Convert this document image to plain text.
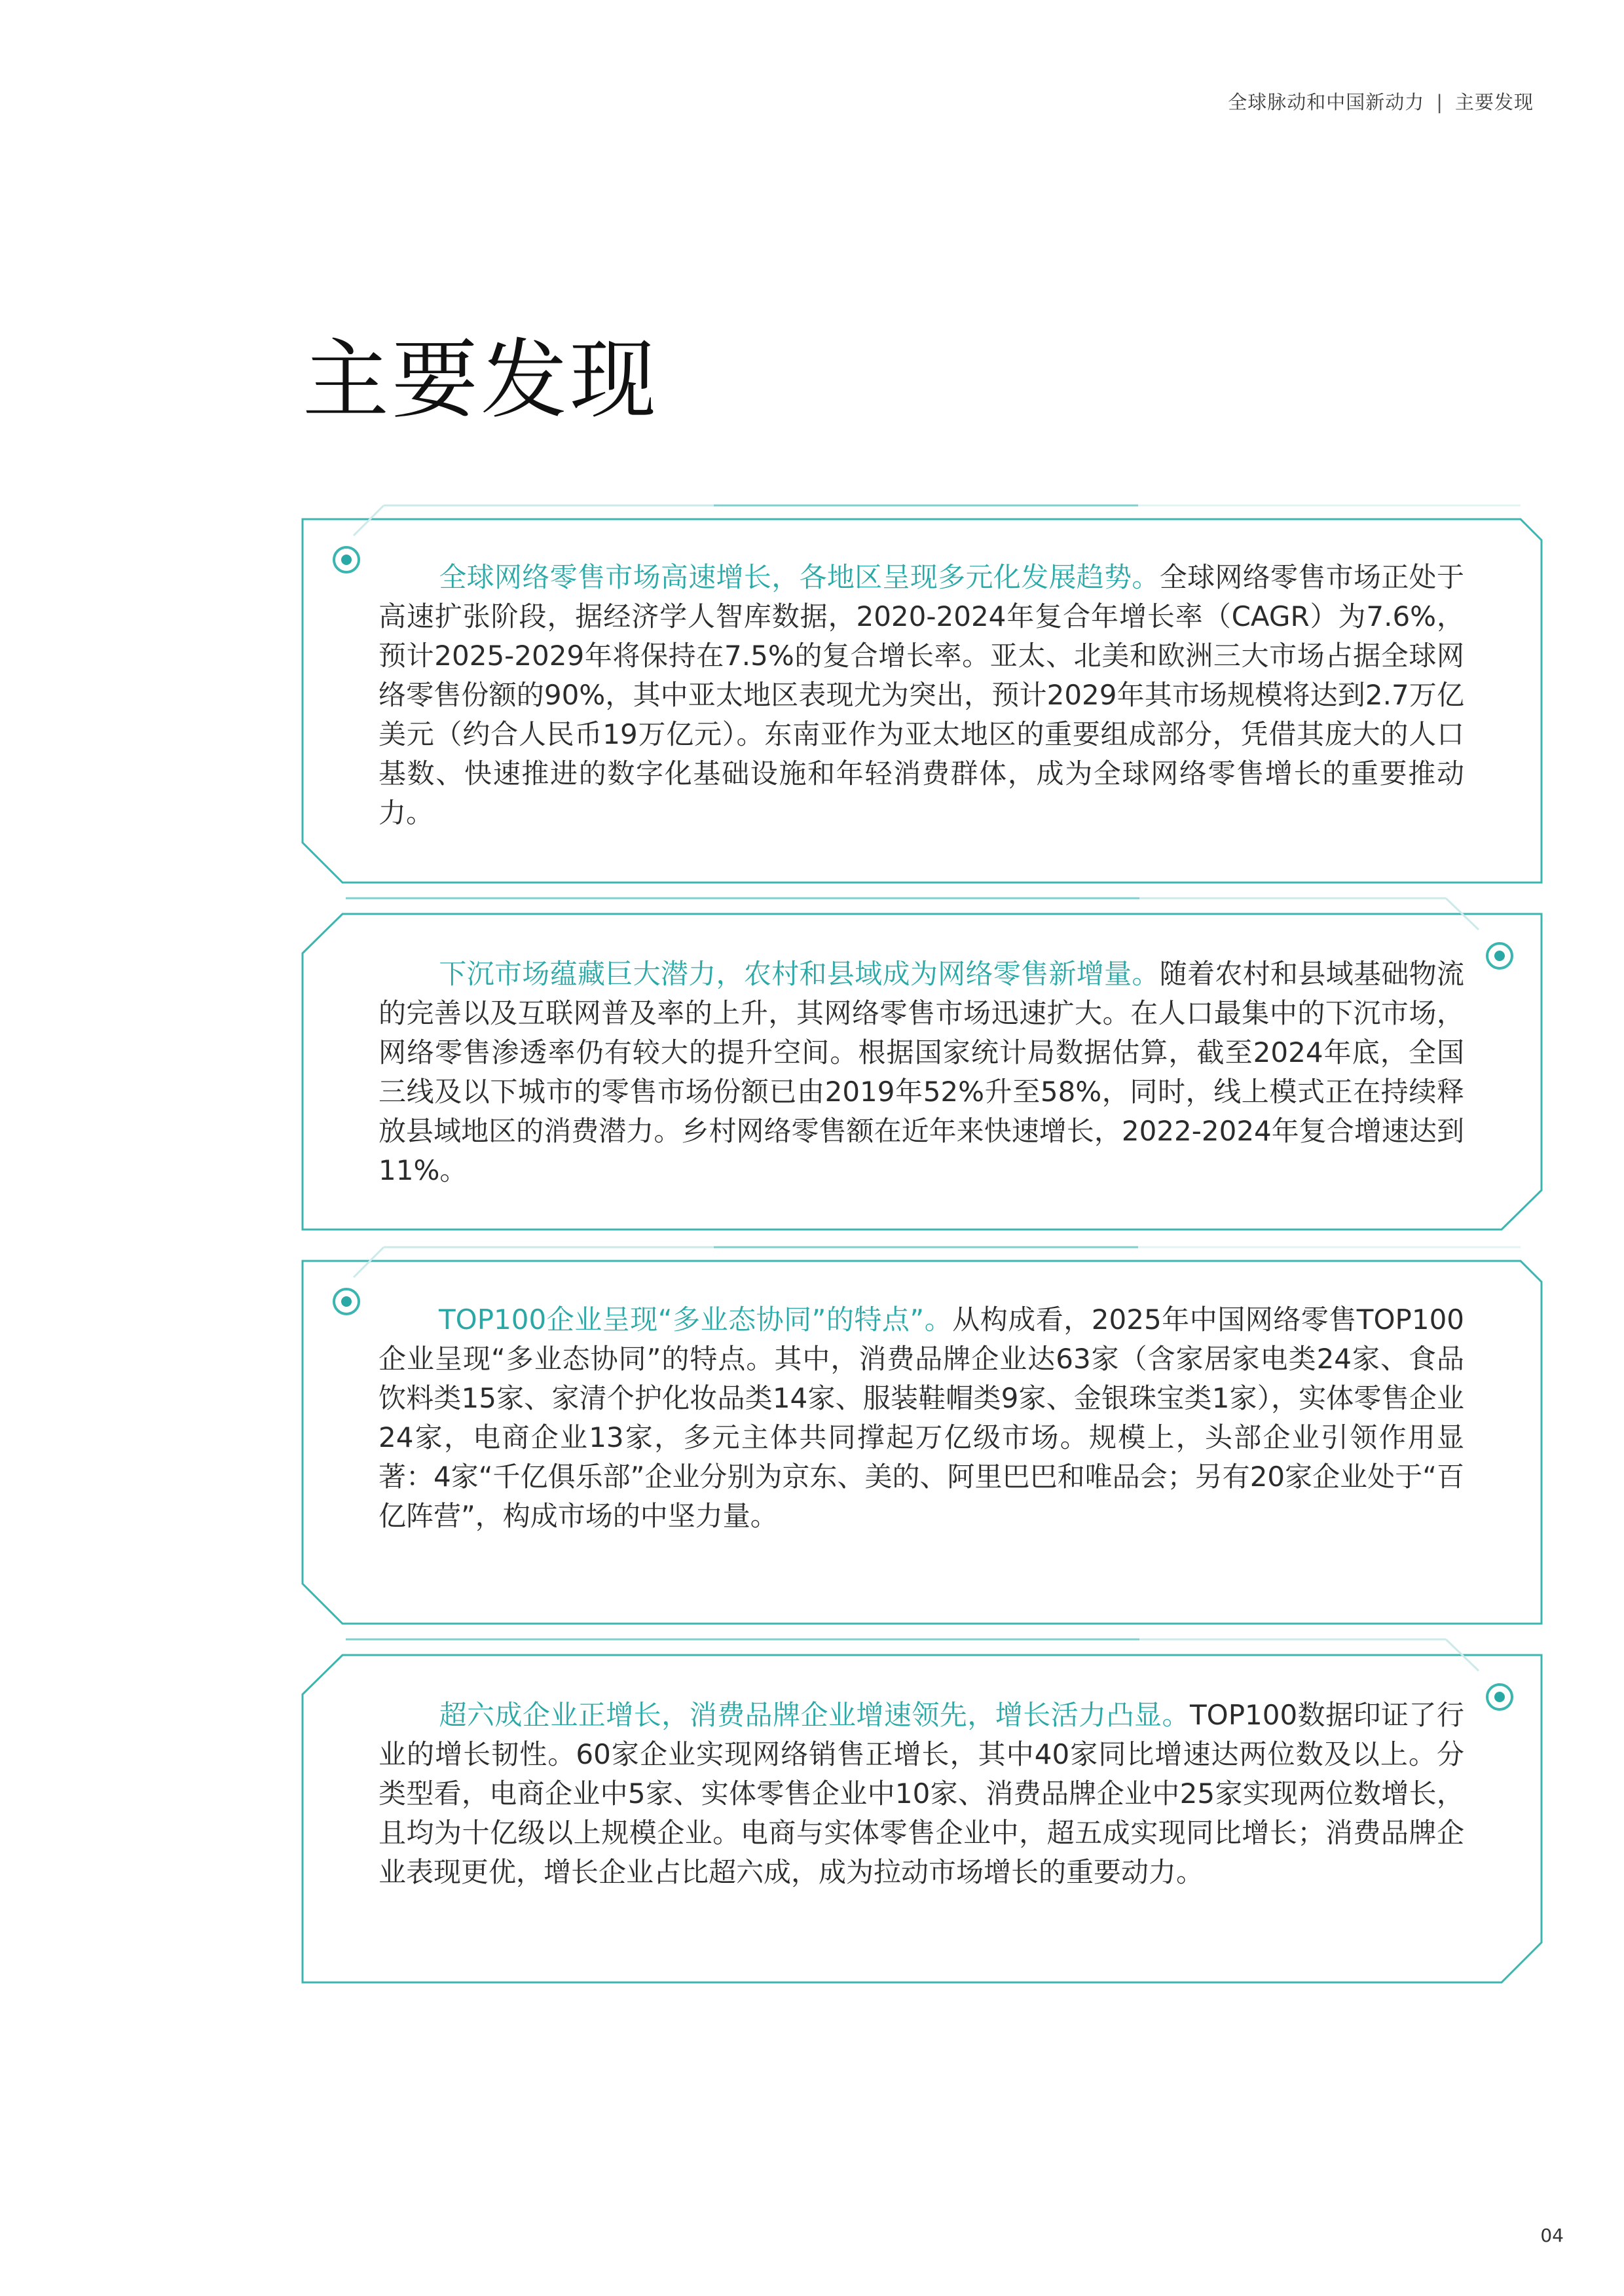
全球脉动和中国新动力 | 主要发现
主要发现

全球网络零售市场高速增长，各地区呈现多元化发展趋势。全球网络零售市场正处于高速扩张阶段，据经济学人智库数据，2020-2024年复合年增长率（CAGR）为7.6%，预计2025-2029年将保持在7.5%的复合增长率。亚太、北美和欧洲三大市场占据全球网络零售份额的90%，其中亚太地区表现尤为突出，预计2029年其市场规模将达到2.7万亿美元（约合人民币19万亿元）。东南亚作为亚太地区的重要组成部分，凭借其庞大的人口基数、快速推进的数字化基础设施和年轻消费群体，成为全球网络零售增长的重要推动力。

下沉市场蕴藏巨大潜力，农村和县域成为网络零售新增量。随着农村和县域基础物流的完善以及互联网普及率的上升，其网络零售市场迅速扩大。在人口最集中的下沉市场，网络零售渗透率仍有较大的提升空间。根据国家统计局数据估算，截至2024年底，全国三线及以下城市的零售市场份额已由2019年52%升至58%，同时，线上模式正在持续释放县域地区的消费潜力。乡村网络零售额在近年来快速增长，2022-2024年复合增速达到11%。

TOP100企业呈现“多业态协同”的特点”。从构成看，2025年中国网络零售TOP100企业呈现“多业态协同”的特点。其中，消费品牌企业达63家（含家居家电类24家、食品饮料类15家、家清个护化妆品类14家、服装鞋帽类9家、金银珠宝类1家），实体零售企业24家，电商企业13家，多元主体共同撑起万亿级市场。规模上，头部企业引领作用显著：4家“千亿俱乐部”企业分别为京东、美的、阿里巴巴和唯品会；另有20家企业处于“百亿阵营”，构成市场的中坚力量。

超六成企业正增长，消费品牌企业增速领先，增长活力凸显。TOP100数据印证了行业的增长韧性。60家企业实现网络销售正增长，其中40家同比增速达两位数及以上。分类型看，电商企业中5家、实体零售企业中10家、消费品牌企业中25家实现两位数增长，且均为十亿级以上规模企业。电商与实体零售企业中，超五成实现同比增长；消费品牌企业表现更优，增长企业占比超六成，成为拉动市场增长的重要动力。

04
